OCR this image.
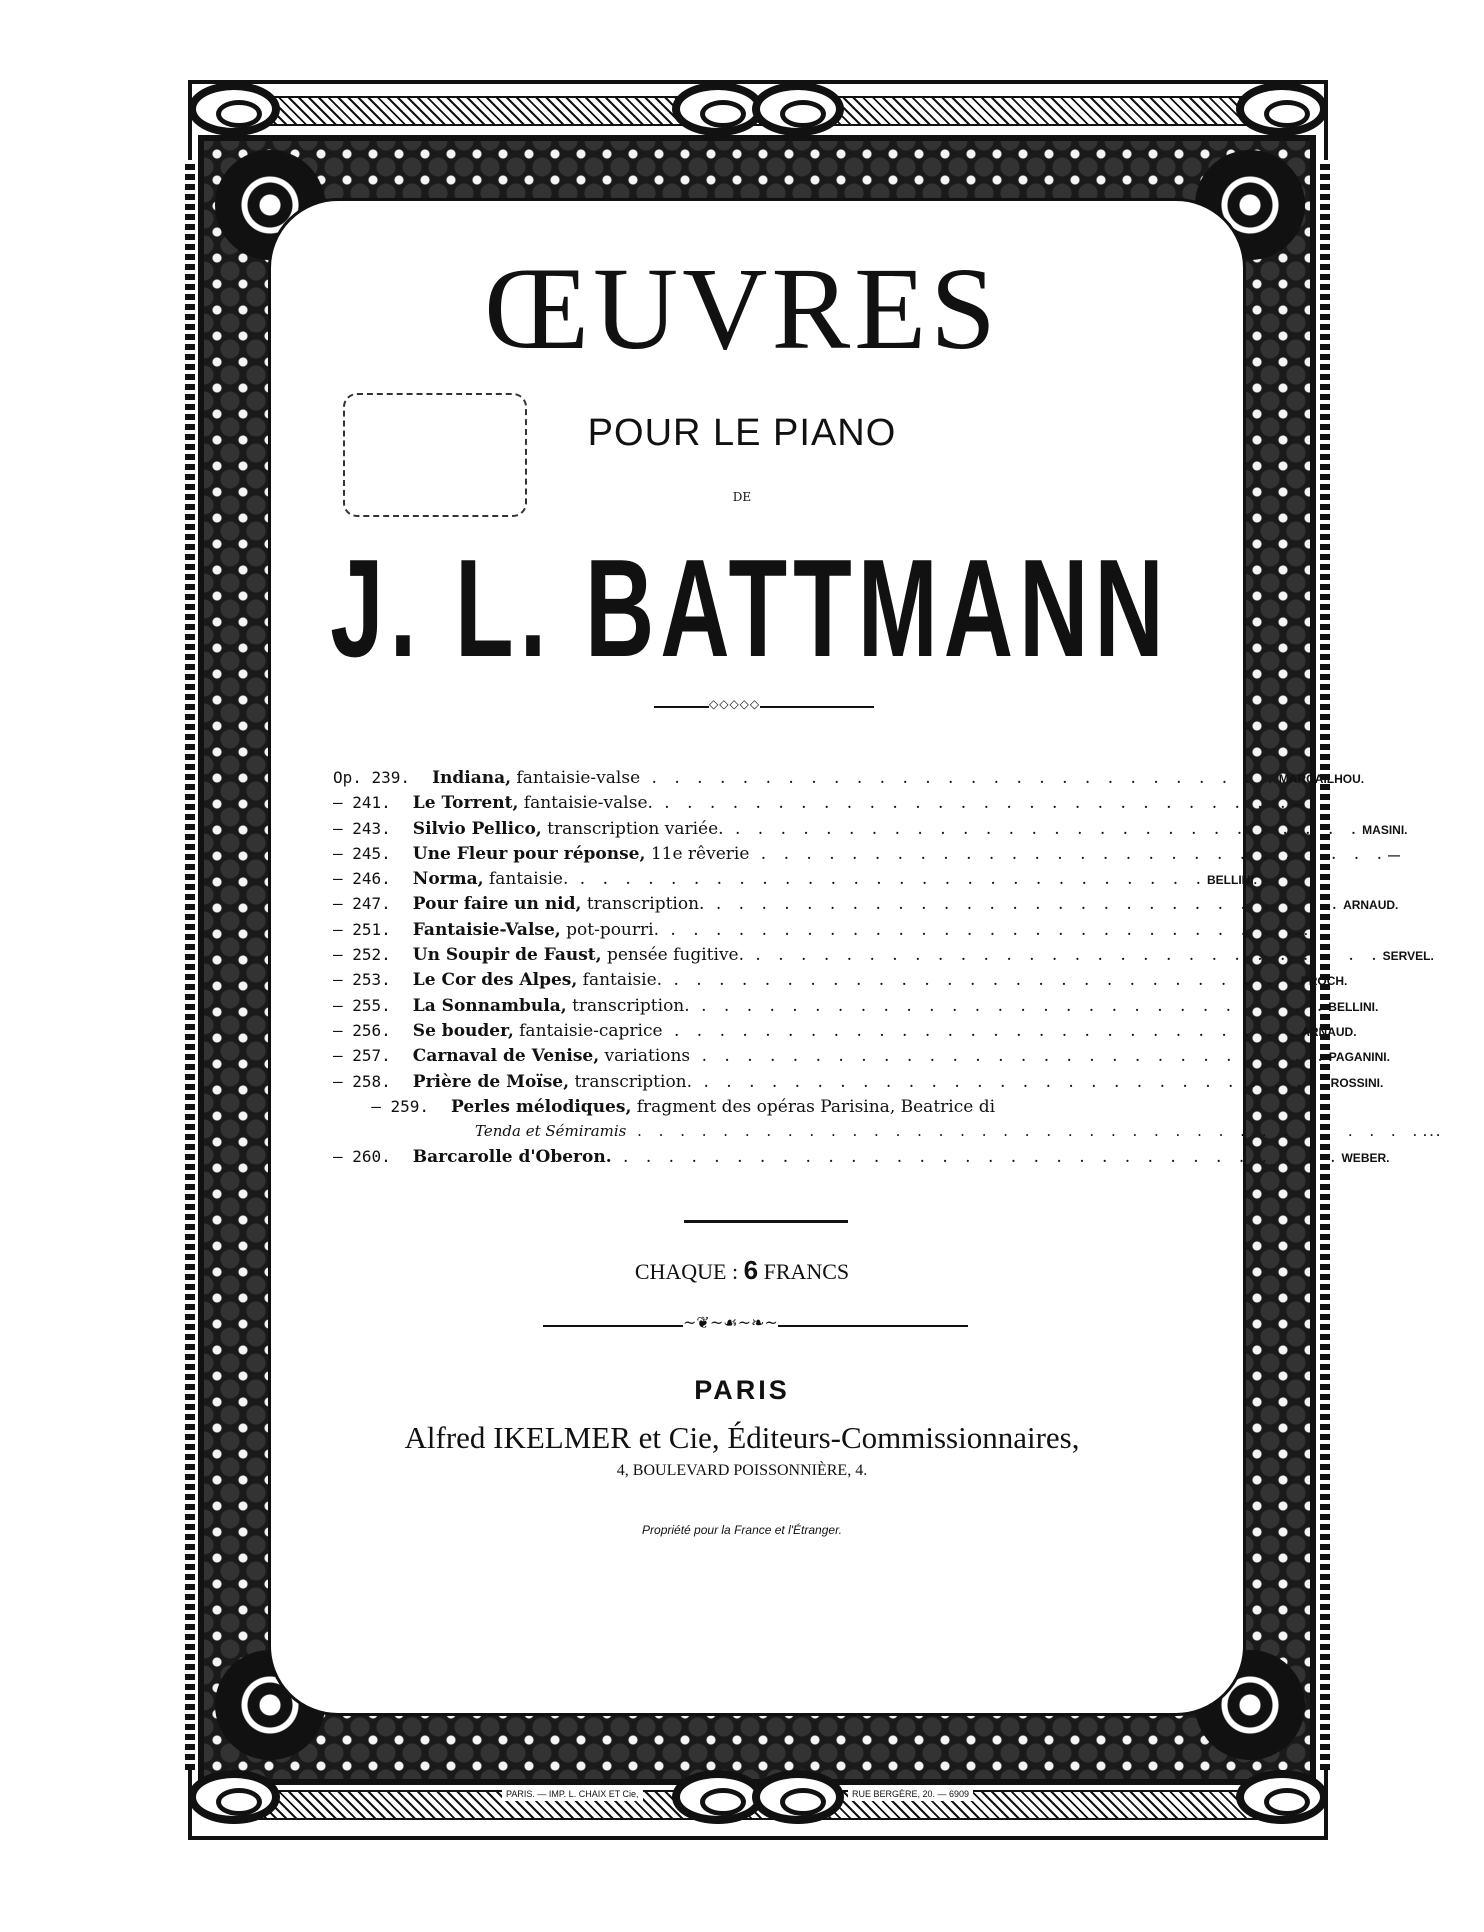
ŒUVRES
POUR LE PIANO
DE
J. L. BATTMANN
◇◇◇◇◇
Op. 239.	Indiana, fantaisie-valse . . . . . . . . . . . . . . . . . . . . . . . . . . . . MARCAILHOU.
— 241.	Le Torrent, fantaisie-valse. . . . . . . . . . . . . . . . . . . . . . . . . . . . . —
— 243.	Silvio Pellico, transcription variée. . . . . . . . . . . . . . . . . . . . . . . . . . . . . MASINI.
— 245.	Une Fleur pour réponse, 11e rêverie . . . . . . . . . . . . . . . . . . . . . . . . . . . . —
— 246.	Norma, fantaisie. . . . . . . . . . . . . . . . . . . . . . . . . . . . . BELLINI.
— 247.	Pour faire un nid, transcription. . . . . . . . . . . . . . . . . . . . . . . . . . . . . ARNAUD.
— 251.	Fantaisie-Valse, pot-pourri. . . . . . . . . . . . . . . . . . . . . . . . . . . . . . . .
— 252.	Un Soupir de Faust, pensée fugitive. . . . . . . . . . . . . . . . . . . . . . . . . . . . . SERVEL.
— 253.	Le Cor des Alpes, fantaisie. . . . . . . . . . . . . . . . . . . . . . . . . . . . . PROCH.
— 255.	La Sonnambula, transcription. . . . . . . . . . . . . . . . . . . . . . . . . . . . . BELLINI.
— 256.	Se bouder, fantaisie-caprice . . . . . . . . . . . . . . . . . . . . . . . . . . . . ARNAUD.
— 257.	Carnaval de Venise, variations . . . . . . . . . . . . . . . . . . . . . . . . . . . . PAGANINI.
— 258.	Prière de Moïse, transcription. . . . . . . . . . . . . . . . . . . . . . . . . . . . . ROSSINI.
— 259.	Perles mélodiques, fragment des opéras Parisina, Beatrice di
Tenda et Sémiramis . . . . . . . . . . . . . . . . . . . . . . . . . . . . . . . . . . . . . . . .
— 260.	Barcarolle d'Oberon. . . . . . . . . . . . . . . . . . . . . . . . . . . . . . . . . WEBER.
CHAQUE : 6 FRANCS
~❦~☙~❧~
PARIS
Alfred IKELMER et Cie, Éditeurs-Commissionnaires,
4, BOULEVARD POISSONNIÈRE, 4.
Propriété pour la France et l'Étranger.
PARIS. — IMP. L. CHAIX ET Cie,	RUE BERGÈRE, 20. — 6909
